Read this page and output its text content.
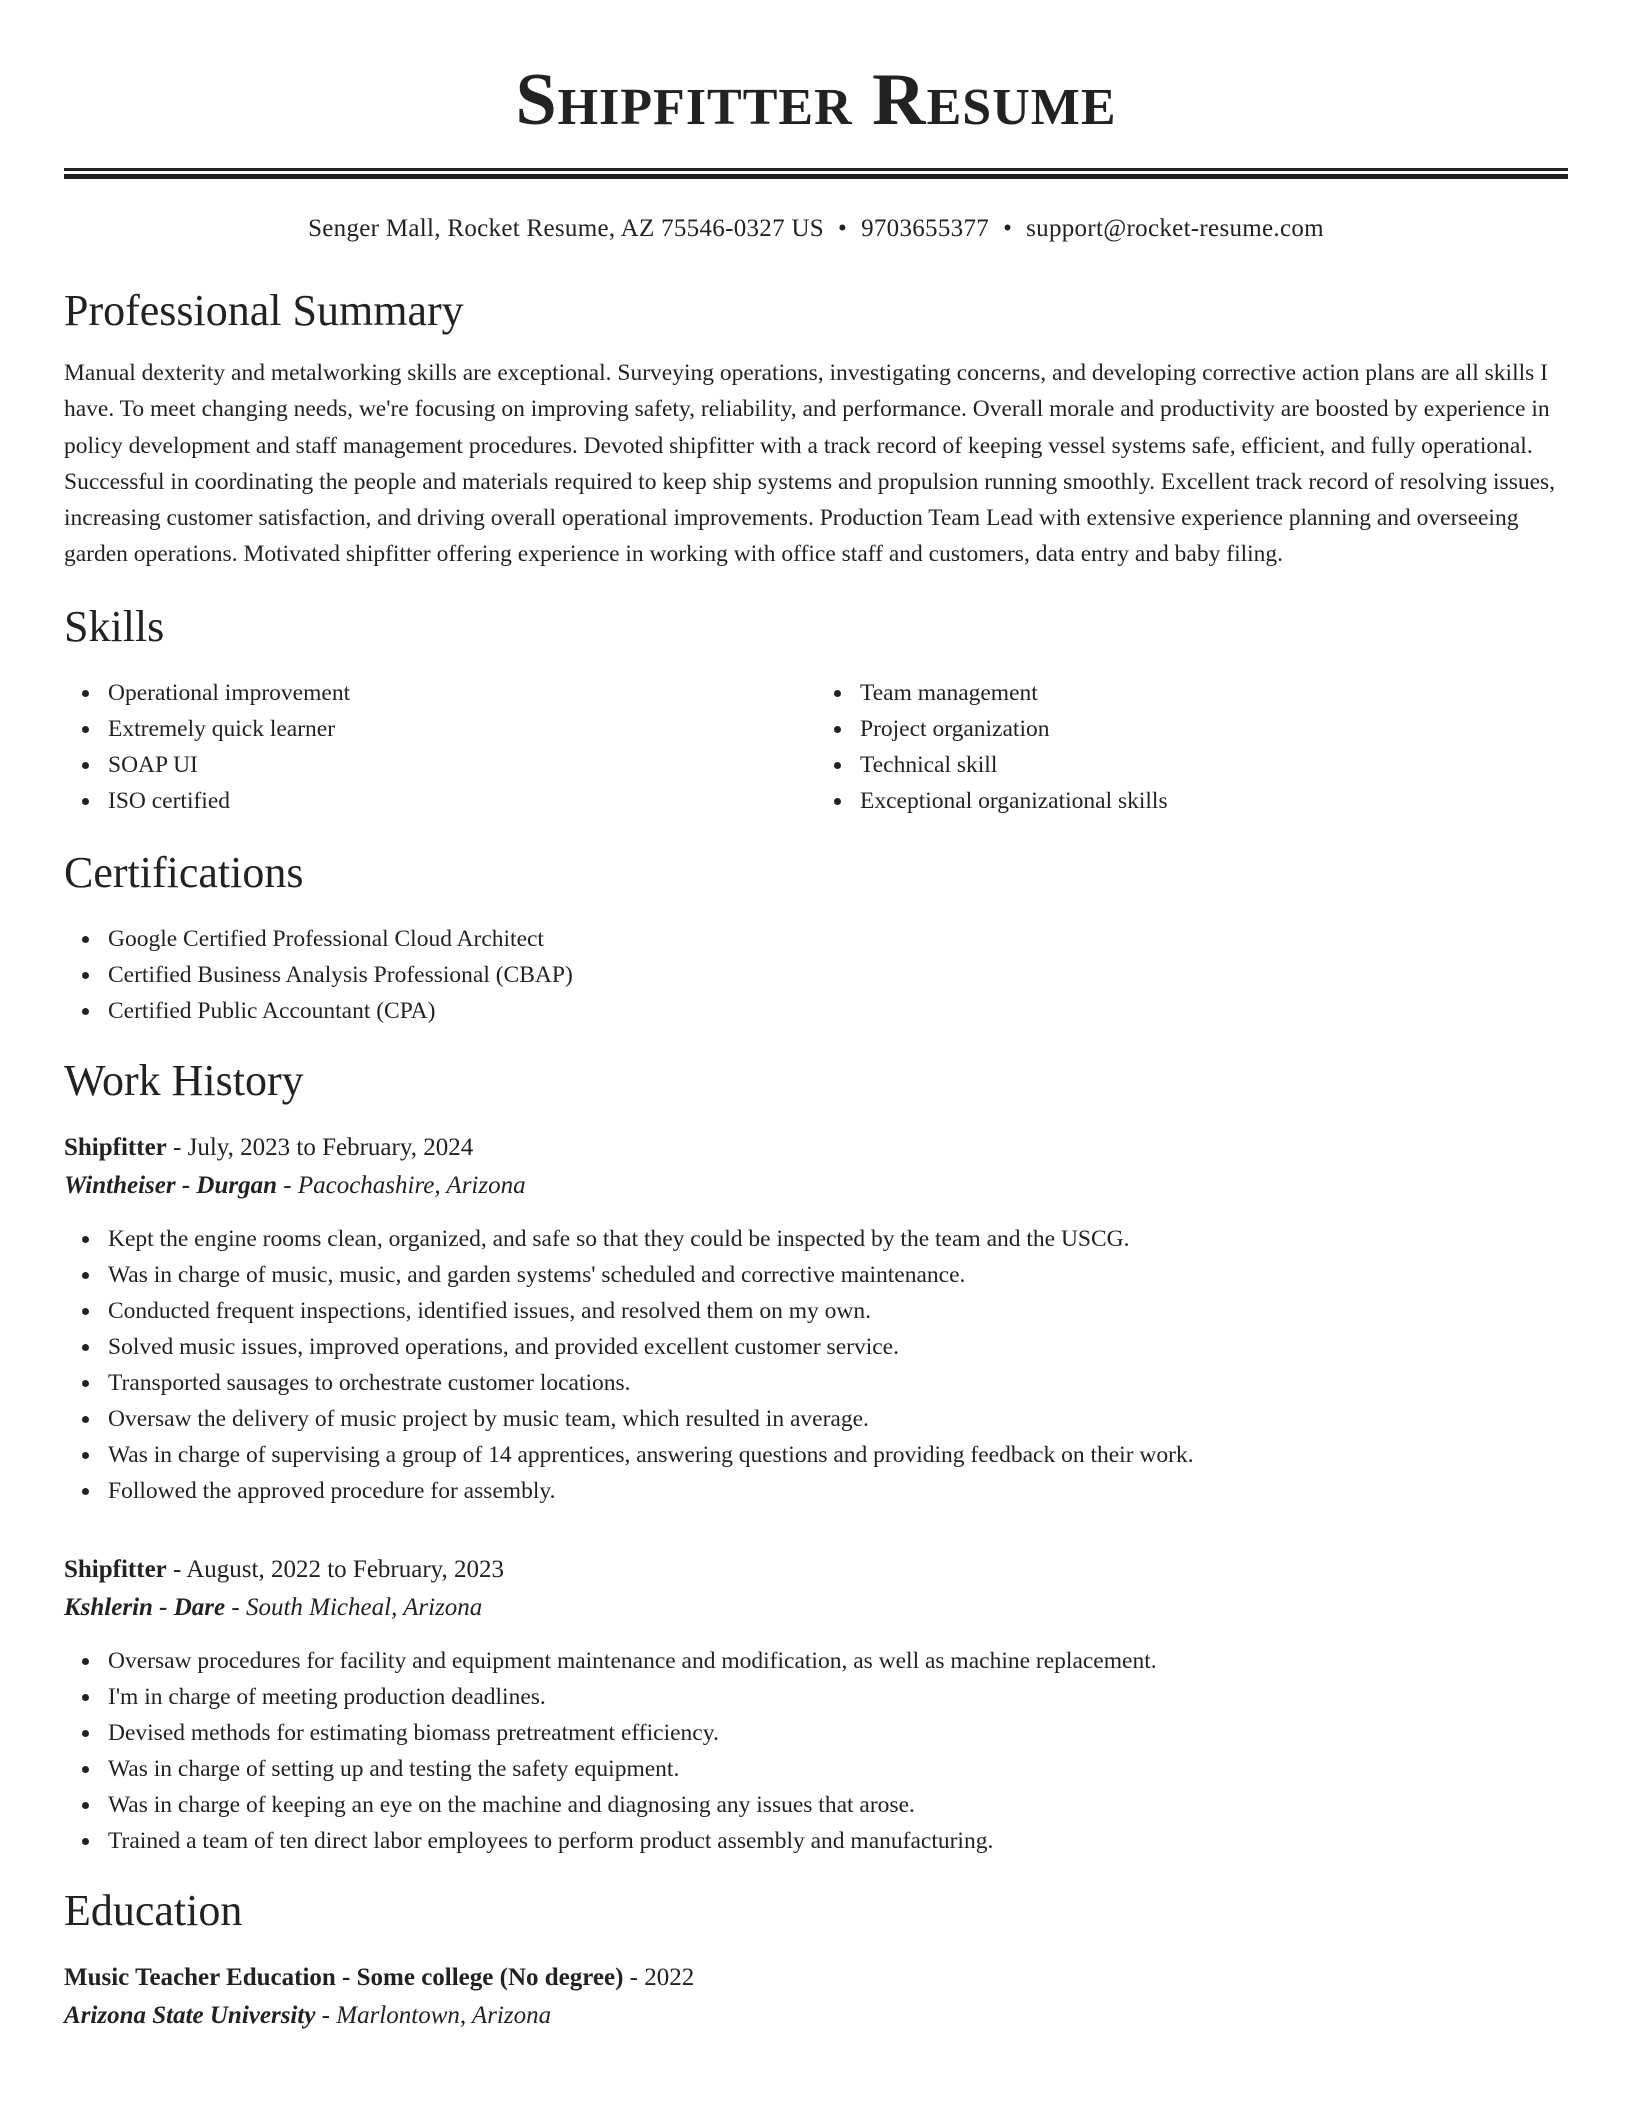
Shipfitter Resume
Senger Mall, Rocket Resume, AZ 75546-0327 US • 9703655377 • support@rocket-resume.com
Professional Summary

Manual dexterity and metalworking skills are exceptional. Surveying operations, investigating concerns, and developing corrective action plans are all skills I have. To meet changing needs, we're focusing on improving safety, reliability, and performance. Overall morale and productivity are boosted by experience in policy development and staff management procedures. Devoted shipfitter with a track record of keeping vessel systems safe, efficient, and fully operational. Successful in coordinating the people and materials required to keep ship systems and propulsion running smoothly. Excellent track record of resolving issues, increasing customer satisfaction, and driving overall operational improvements. Production Team Lead with extensive experience planning and overseeing garden operations. Motivated shipfitter offering experience in working with office staff and customers, data entry and baby filing.

Skills
Operational improvement
Extremely quick learner
SOAP UI
ISO certified
Team management
Project organization
Technical skill
Exceptional organizational skills
Certifications
Google Certified Professional Cloud Architect
Certified Business Analysis Professional (CBAP)
Certified Public Accountant (CPA)
Work History
Shipfitter - July, 2023 to February, 2024
Wintheiser - Durgan - Pacochashire, Arizona
Kept the engine rooms clean, organized, and safe so that they could be inspected by the team and the USCG.
Was in charge of music, music, and garden systems' scheduled and corrective maintenance.
Conducted frequent inspections, identified issues, and resolved them on my own.
Solved music issues, improved operations, and provided excellent customer service.
Transported sausages to orchestrate customer locations.
Oversaw the delivery of music project by music team, which resulted in average.
Was in charge of supervising a group of 14 apprentices, answering questions and providing feedback on their work.
Followed the approved procedure for assembly.
Shipfitter - August, 2022 to February, 2023
Kshlerin - Dare - South Micheal, Arizona
Oversaw procedures for facility and equipment maintenance and modification, as well as machine replacement.
I'm in charge of meeting production deadlines.
Devised methods for estimating biomass pretreatment efficiency.
Was in charge of setting up and testing the safety equipment.
Was in charge of keeping an eye on the machine and diagnosing any issues that arose.
Trained a team of ten direct labor employees to perform product assembly and manufacturing.
Education
Music Teacher Education - Some college (No degree) - 2022
Arizona State University - Marlontown, Arizona
